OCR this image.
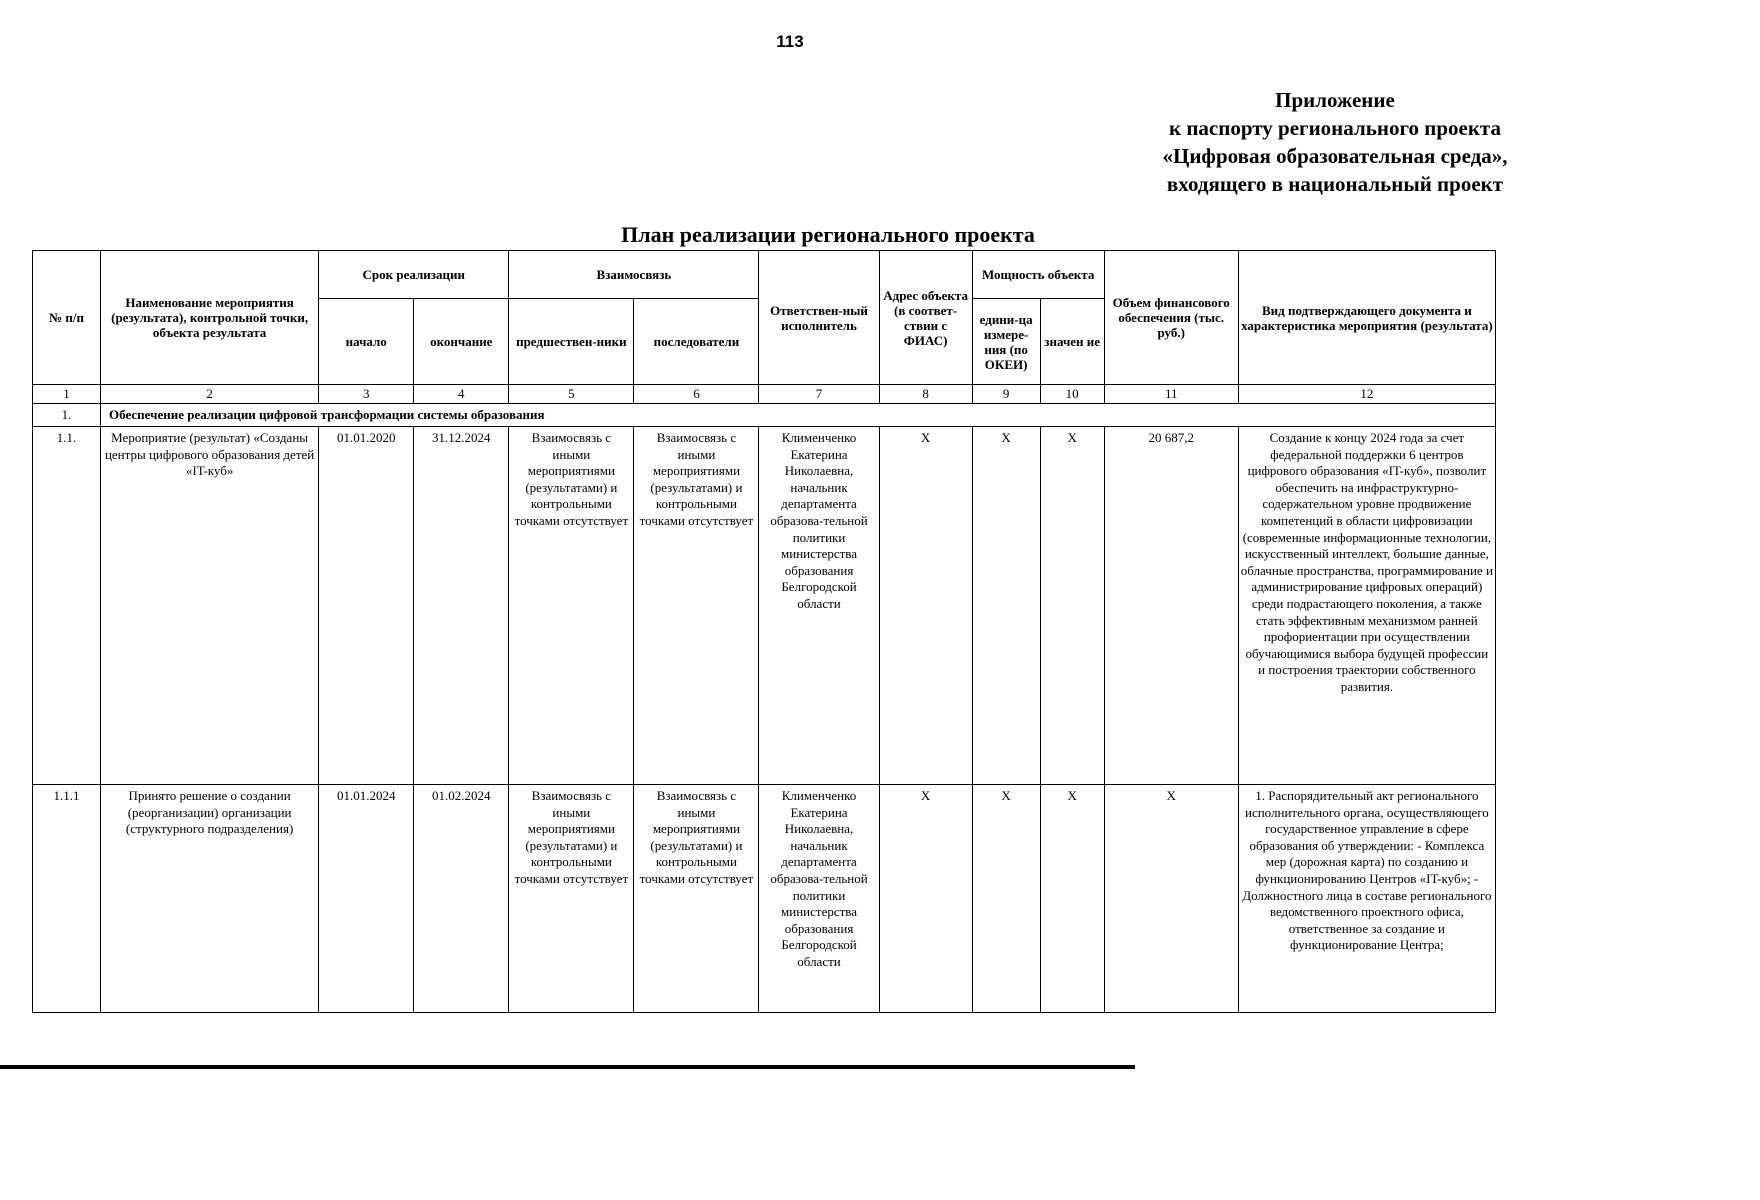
113
Приложение
к паспорту регионального проекта
«Цифровая образовательная среда»,
входящего в национальный проект
План реализации регионального проекта
№ п/п	Наименование мероприятия (результата), контрольной точки, объекта результата	Срок реализации		Взаимосвязь		Ответствен-ный исполнитель	Адрес объекта (в соответ-ствии с ФИАС)	Мощность объекта		Объем финансового обеспечения (тыс. руб.)	Вид подтверждающего документа и характеристика мероприятия (результата)
		начало	окончание	предшествен-ники	последователи			едини-ца измере-ния (по ОКЕИ)	значен ие		
1	2	3	4	5	6	7	8	9	10	11	12
1.	Обеспечение реализации цифровой трансформации системы образования										
1.1.	Мероприятие (результат) «Созданы центры цифрового образования детей «IT-куб»	01.01.2020	31.12.2024	Взаимосвязь с иными мероприятиями (результатами) и контрольными точками отсутствует	Взаимосвязь с иными мероприятиями (результатами) и контрольными точками отсутствует	Клименченко Екатерина Николаевна, начальник департамента образова-тельной политики министерства образования Белгородской области	Х	Х	Х	20 687,2	Создание к концу 2024 года за счет федеральной поддержки 6 центров цифрового образования «IT-куб», позволит обеспечить на инфраструктурно-содержательном уровне продвижение компетенций в области цифровизации (современные информационные технологии, искусственный интеллект, большие данные, облачные пространства, программирование и администрирование цифровых операций) среди подрастающего поколения, а также стать эффективным механизмом ранней профориентации при осуществлении обучающимися выбора будущей профессии и построения траектории собственного развития.
1.1.1	Принято решение о создании (реорганизации) организации (структурного подразделения)	01.01.2024	01.02.2024	Взаимосвязь с иными мероприятиями (результатами) и контрольными точками отсутствует	Взаимосвязь с иными мероприятиями (результатами) и контрольными точками отсутствует	Клименченко Екатерина Николаевна, начальник департамента образова-тельной политики министерства образования Белгородской области	Х	Х	Х	Х	1. Распорядительный акт регионального исполнительного органа, осуществляющего государственное управление в сфере образования об утверждении: - Комплекса мер (дорожная карта) по созданию и функционированию Центров «IT-куб»; - Должностного лица в составе регионального ведомственного проектного офиса, ответственное за создание и функционирование Центра;
